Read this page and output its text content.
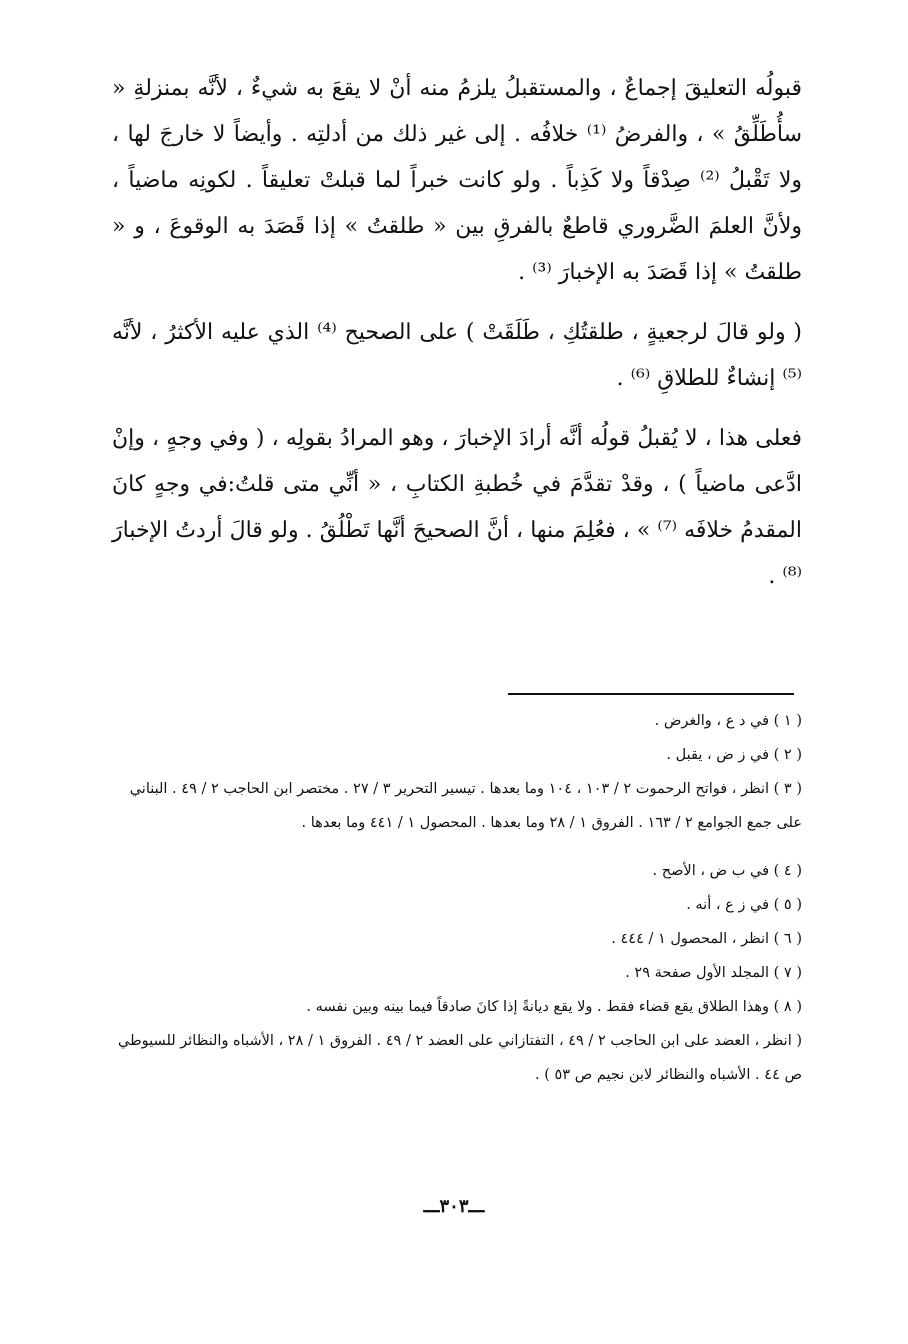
قبولُه التعليقَ إجماعٌ ، والمستقبلُ يلزمُ منه أنْ لا يقعَ به شيءٌ ، لأنَّه بمنزلةِ « سأُطَلِّقُ » ، والفرضُ ⁽¹⁾ خلافُه . إلى غير ذلك من أدلتِه . وأيضاً لا خارجَ لها ، ولا تَقْبلُ ⁽²⁾ صِدْقاً ولا كَذِباً . ولو كانت خبراً لما قبلتْ تعليقاً . لكونِه ماضياً ، ولأنَّ العلمَ الضَّروري قاطعٌ بالفرقِ بين « طلقتُ » إذا قَصَدَ به الوقوعَ ، و « طلقتُ » إذا قَصَدَ به الإخبارَ ⁽³⁾ .

( ولو قالَ لرجعيةٍ ، طلقتُكِ ، طَلَقَتْ ) على الصحيح ⁽⁴⁾ الذي عليه الأكثرُ ، لأنَّه ⁽⁵⁾ إنشاءٌ للطلاقِ ⁽⁶⁾ .

فعلى هذا ، لا يُقبلُ قولُه أنَّه أرادَ الإخبارَ ، وهو المرادُ بقولِه ، ( وفي وجهٍ ، وإنْ ادَّعى ماضياً ) ، وقدْ تقدَّمَ في خُطبةِ الكتابِ ، « أنِّي متى قلتُ:في وجهٍ كانَ المقدمُ خلافَه ⁽⁷⁾ » ، فعُلِمَ منها ، أنَّ الصحيحَ أنَّها تَطْلُقُ . ولو قالَ أردتُ الإخبارَ ⁽⁸⁾ .

( ١ ) في د ع ، والغرض .

( ٢ ) في ز ض ، يقبل .

( ٣ ) انظر ، فواتح الرحموت ٢ / ١٠٣ ، ١٠٤ وما بعدها . تيسير التحرير ٣ / ٢٧ . مختصر ابن الحاجب ٢ / ٤٩ . البناني على جمع الجوامع ٢ / ١٦٣ . الفروق ١ / ٢٨ وما بعدها . المحصول ١ / ٤٤١ وما بعدها .

( ٤ ) في ب ض ، الأصح .

( ٥ ) في ز ع ، أنه .

( ٦ ) انظر ، المحصول ١ / ٤٤٤ .

( ٧ ) المجلد الأول صفحة ٢٩ .

( ٨ ) وهذا الطلاق يقع قضاء فقط . ولا يقع ديانةً إذا كانَ صادقاً فيما بينه وبين نفسه .

( انظر ، العضد على ابن الحاجب ٢ / ٤٩ ، التفتازاني على العضد ٢ / ٤٩ . الفروق ١ / ٢٨ ، الأشباه والنظائر للسيوطي ص ٤٤ . الأشباه والنظائر لابن نجيم ص ٥٣ ) .

ـــ٣٠٣ـــ
